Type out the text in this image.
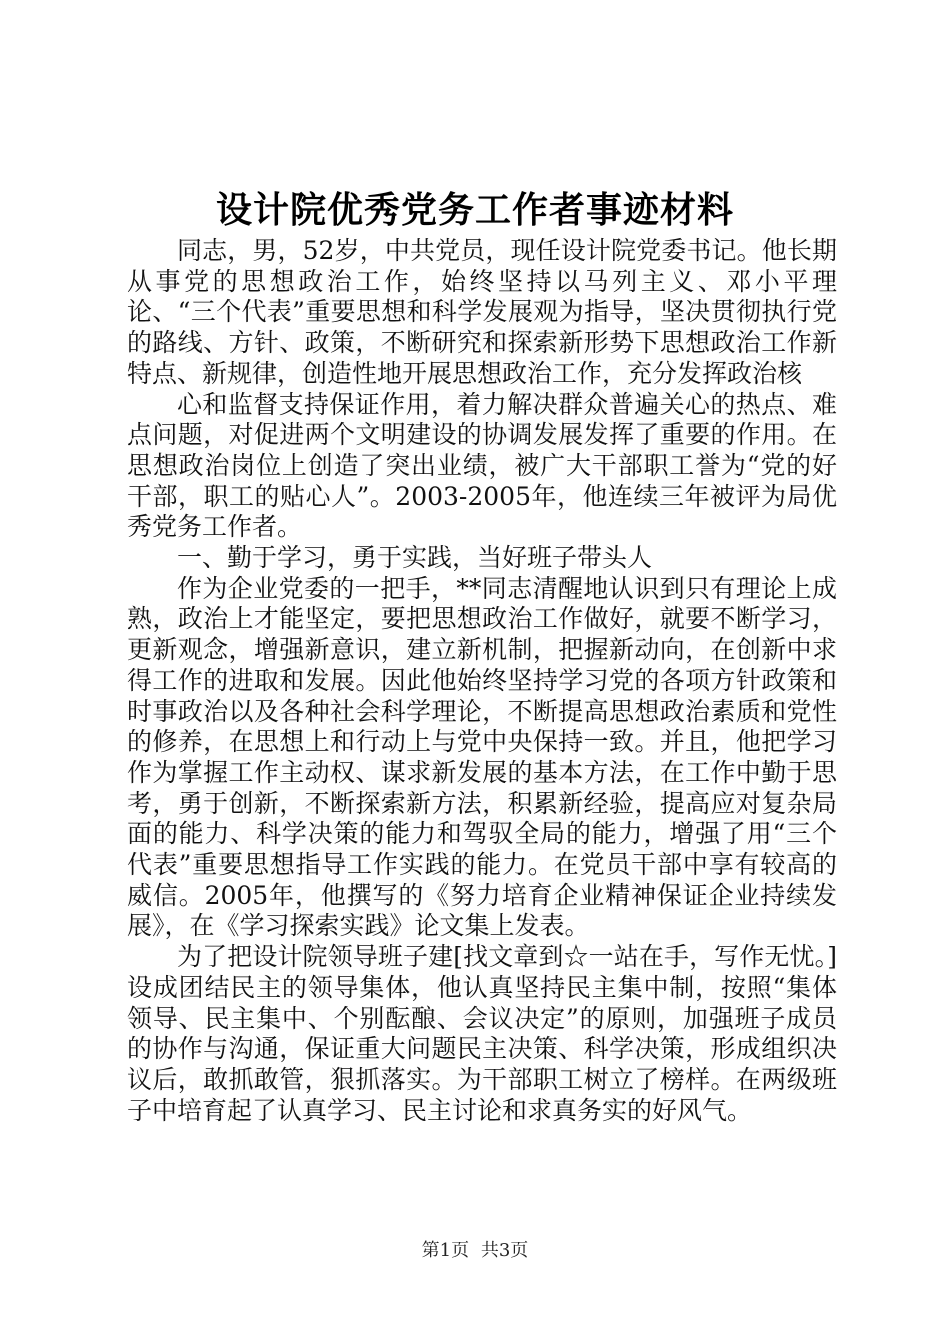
设计院优秀党务工作者事迹材料

同志，男，52岁，中共党员，现任设计院党委书记。他长期从事党的思想政治工作，始终坚持以马列主义、邓小平理论、“三个代表”重要思想和科学发展观为指导，坚决贯彻执行党的路线、方针、政策，不断研究和探索新形势下思想政治工作新特点、新规律，创造性地开展思想政治工作，充分发挥政治核

心和监督支持保证作用，着力解决群众普遍关心的热点、难点问题，对促进两个文明建设的协调发展发挥了重要的作用。在思想政治岗位上创造了突出业绩，被广大干部职工誉为“党的好干部，职工的贴心人”。2003-2005年，他连续三年被评为局优秀党务工作者。

一、勤于学习，勇于实践，当好班子带头人

作为企业党委的一把手，**同志清醒地认识到只有理论上成熟，政治上才能坚定，要把思想政治工作做好，就要不断学习，更新观念，增强新意识，建立新机制，把握新动向，在创新中求得工作的进取和发展。因此他始终坚持学习党的各项方针政策和时事政治以及各种社会科学理论，不断提高思想政治素质和党性的修养，在思想上和行动上与党中央保持一致。并且，他把学习作为掌握工作主动权、谋求新发展的基本方法，在工作中勤于思考，勇于创新，不断探索新方法，积累新经验，提高应对复杂局面的能力、科学决策的能力和驾驭全局的能力，增强了用“三个代表”重要思想指导工作实践的能力。在党员干部中享有较高的威信。2005年，他撰写的《努力培育企业精神保证企业持续发展》，在《学习探索实践》论文集上发表。

为了把设计院领导班子建[找文章到☆一站在手，写作无忧。]设成团结民主的领导集体，他认真坚持民主集中制，按照“集体领导、民主集中、个别酝酿、会议决定”的原则，加强班子成员的协作与沟通，保证重大问题民主决策、科学决策，形成组织决议后，敢抓敢管，狠抓落实。为干部职工树立了榜样。在两级班子中培育起了认真学习、民主讨论和求真务实的好风气。

第1页 共3页
